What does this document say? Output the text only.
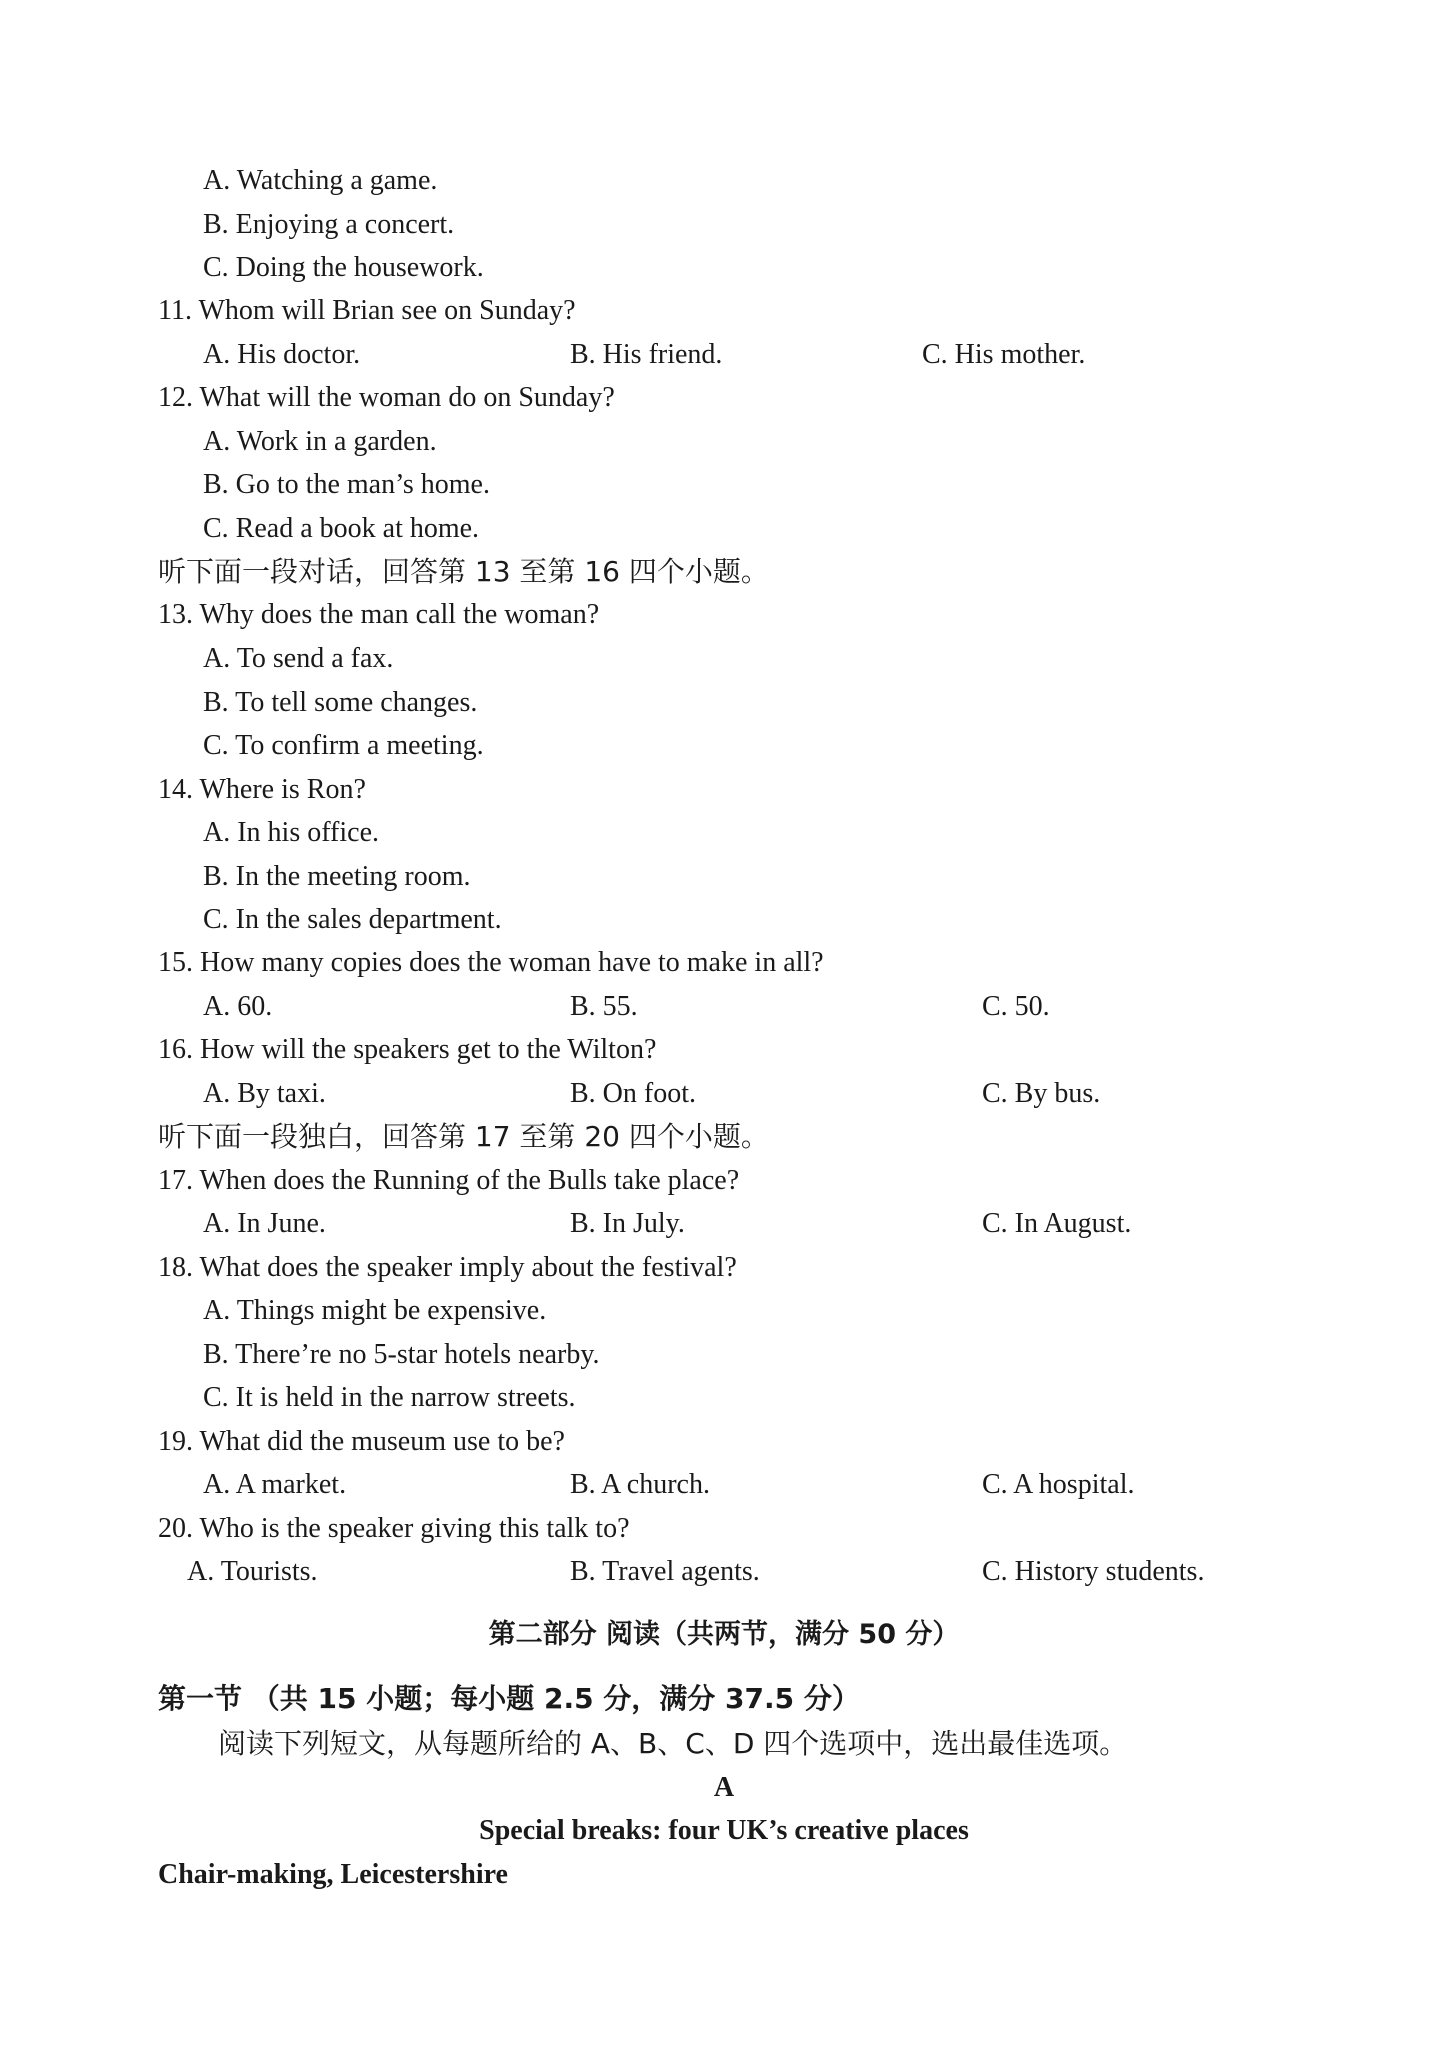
A. Watching a game.
B. Enjoying a concert.
C. Doing the housework.
11. Whom will Brian see on Sunday?
A. His doctor.	B. His friend.	C. His mother.
12. What will the woman do on Sunday?
A. Work in a garden.
B. Go to the man’s home.
C. Read a book at home.
听下面一段对话，回答第 13 至第 16 四个小题。
13. Why does the man call the woman?
A. To send a fax.
B. To tell some changes.
C. To confirm a meeting.
14. Where is Ron?
A. In his office.
B. In the meeting room.
C. In the sales department.
15. How many copies does the woman have to make in all?
A. 60.	B. 55.	C. 50.
16. How will the speakers get to the Wilton?
A. By taxi.	B. On foot.	C. By bus.
听下面一段独白，回答第 17 至第 20 四个小题。
17. When does the Running of the Bulls take place?
A. In June.	B. In July.	C. In August.
18. What does the speaker imply about the festival?
A. Things might be expensive.
B. There’re no 5-star hotels nearby.
C. It is held in the narrow streets.
19. What did the museum use to be?
A. A market.	B. A church.	C. A hospital.
20. Who is the speaker giving this talk to?
A. Tourists.	B. Travel agents.	C. History students.
第二部分 阅读（共两节，满分 50 分）
第一节 （共 15 小题；每小题 2.5 分，满分 37.5 分）
阅读下列短文，从每题所给的 A、B、C、D 四个选项中，选出最佳选项。
A
Special breaks: four UK’s creative places
Chair-making, Leicestershire
